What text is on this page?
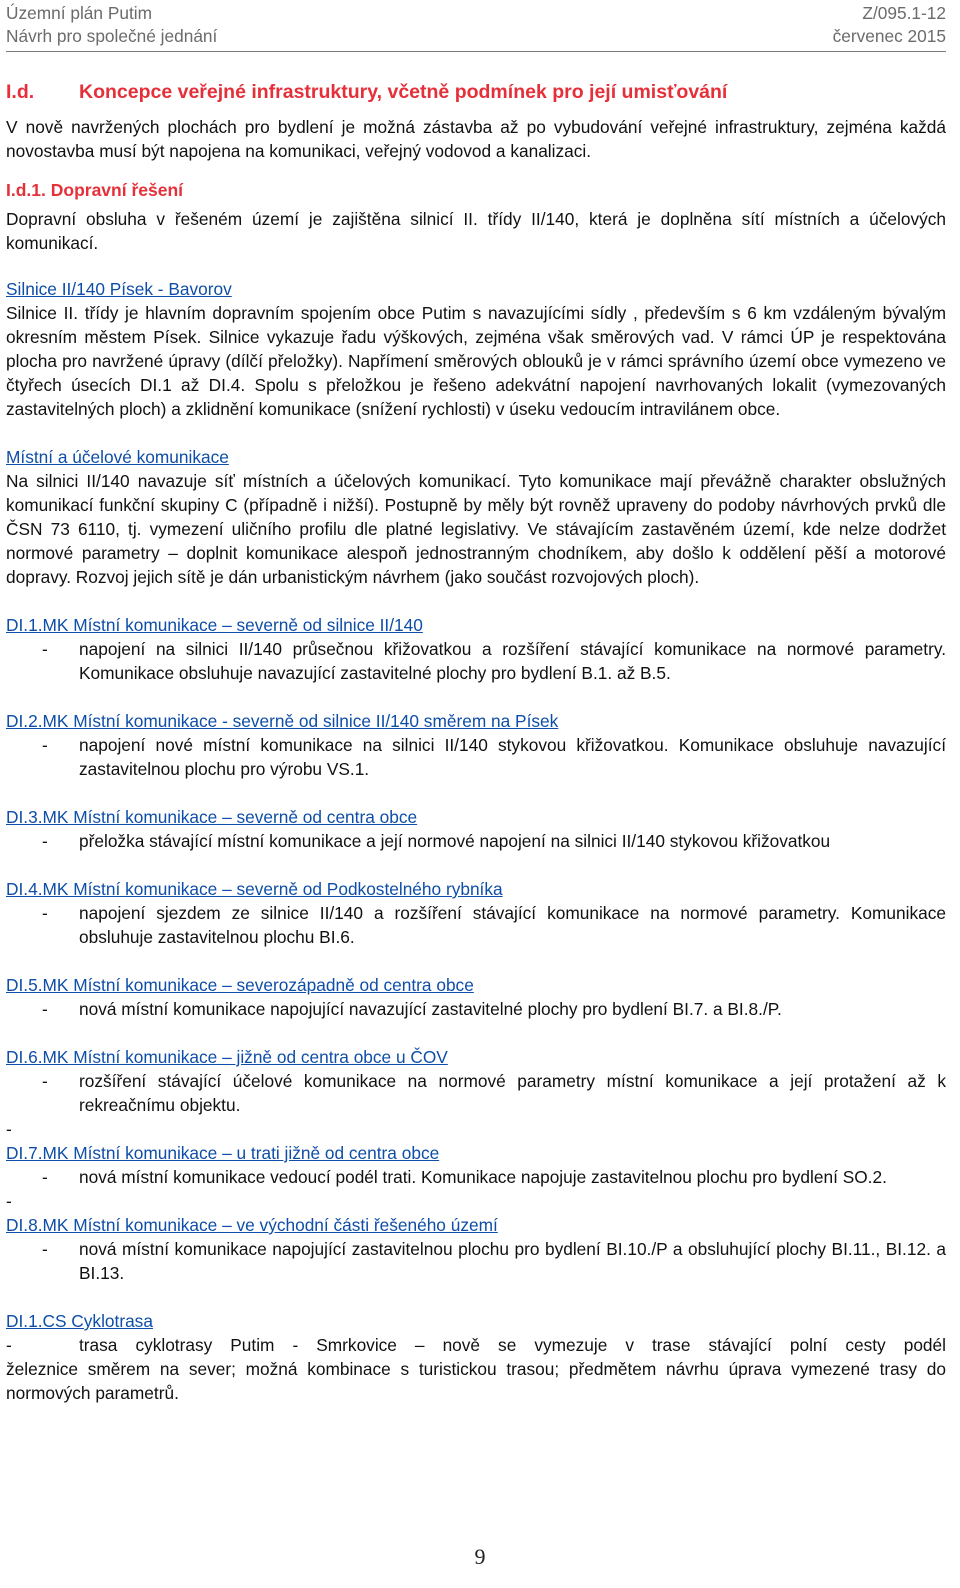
Územní plán Putim
Návrh pro společné jednání
Z/095.1-12
červenec 2015
I.d. Koncepce veřejné infrastruktury, včetně podmínek pro její umisťování

V nově navržených plochách pro bydlení je možná zástavba až po vybudování veřejné infrastruktury, zejména každá novostavba musí být napojena na komunikaci, veřejný vodovod a kanalizaci.

I.d.1. Dopravní řešení

Dopravní obsluha v řešeném území je zajištěna silnicí II. třídy II/140, která je doplněna sítí místních a účelových komunikací.

Silnice II/140 Písek - Bavorov

Silnice II. třídy je hlavním dopravním spojením obce Putim s navazujícími sídly , především s 6 km vzdáleným bývalým okresním městem Písek. Silnice vykazuje řadu výškových, zejména však směrových vad. V rámci ÚP je respektována plocha pro navržené úpravy (dílčí přeložky). Napřímení směrových oblouků je v rámci správního území obce vymezeno ve čtyřech úsecích DI.1 až DI.4. Spolu s přeložkou je řešeno adekvátní napojení navrhovaných lokalit (vymezovaných zastavitelných ploch) a zklidnění komunikace (snížení rychlosti) v úseku vedoucím intravilánem obce.

Místní a účelové komunikace

Na silnici II/140 navazuje síť místních a účelových komunikací. Tyto komunikace mají převážně charakter obslužných komunikací funkční skupiny C (případně i nižší). Postupně by měly být rovněž upraveny do podoby návrhových prvků dle ČSN 73 6110, tj. vymezení uličního profilu dle platné legislativy. Ve stávajícím zastavěném území, kde nelze dodržet normové parametry – doplnit komunikace alespoň jednostranným chodníkem, aby došlo k oddělení pěší a motorové dopravy. Rozvoj jejich sítě je dán urbanistickým návrhem (jako součást rozvojových ploch).

DI.1.MK Místní komunikace – severně od silnice II/140
- napojení na silnici II/140 průsečnou křižovatkou a rozšíření stávající komunikace na normové parametry. Komunikace obsluhuje navazující zastavitelné plochy pro bydlení B.1. až B.5.
DI.2.MK Místní komunikace - severně od silnice II/140 směrem na Písek
- napojení nové místní komunikace na silnici II/140 stykovou křižovatkou. Komunikace obsluhuje navazující zastavitelnou plochu pro výrobu VS.1.
DI.3.MK Místní komunikace – severně od centra obce
- přeložka stávající místní komunikace a její normové napojení na silnici II/140 stykovou křižovatkou
DI.4.MK Místní komunikace – severně od Podkostelného rybníka
- napojení sjezdem ze silnice II/140 a rozšíření stávající komunikace na normové parametry. Komunikace obsluhuje zastavitelnou plochu BI.6.
DI.5.MK Místní komunikace – severozápadně od centra obce
- nová místní komunikace napojující navazující zastavitelné plochy pro bydlení BI.7. a BI.8./P.
DI.6.MK Místní komunikace – jižně od centra obce u ČOV
- rozšíření stávající účelové komunikace na normové parametry místní komunikace a její protažení až k rekreačnímu objektu.
-
DI.7.MK Místní komunikace – u trati jižně od centra obce
- nová místní komunikace vedoucí podél trati. Komunikace napojuje zastavitelnou plochu pro bydlení SO.2.
-
DI.8.MK Místní komunikace – ve východní části řešeného území
- nová místní komunikace napojující zastavitelnou plochu pro bydlení BI.10./P a obsluhující plochy BI.11., BI.12. a BI.13.
DI.1.CS Cyklotrasa
-	trasa cyklotrasy Putim - Smrkovice – nově se vymezuje v trase stávající polní cesty podél

železnice směrem na sever; možná kombinace s turistickou trasou; předmětem návrhu úprava vymezené trasy do normových parametrů.

9
